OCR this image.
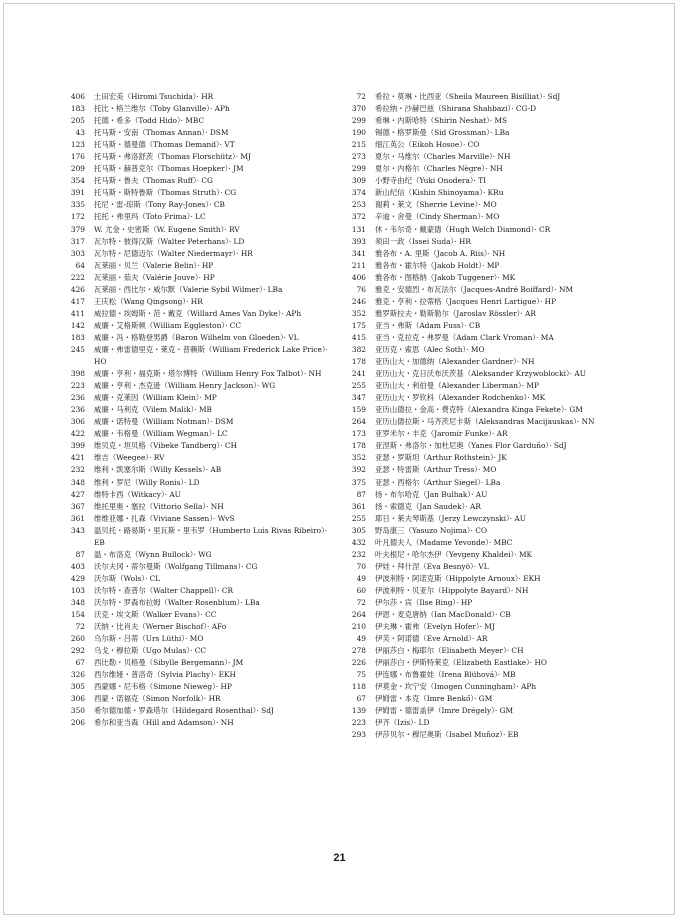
406	土田宏美（Hiromi Tsuchida）· HR
183	托比・格兰维尔（Toby Glanville）· APh
205	托德・希多（Todd Hido）· MBC
43	托马斯・安南（Thomas Annan）· DSM
123	托马斯・德曼德（Thomas Demand）· VT
176	托马斯・弗洛舒茨（Thomas Florschütz）· MJ
209	托马斯・赫普克尔（Thomas Hoepker）· JM
354	托马斯・鲁夫（Thomas Ruff）· CG
391	托马斯・斯特鲁斯（Thomas Struth）· CG
335	托尼・雷-琼斯（Tony Ray-Jones）· CB
172	托托・弗里玛（Toto Frima）· LC
379	W. 尤金・史密斯（W. Eugene Smith）· RV
317	瓦尔特・彼得汉斯（Walter Peterhans）· LD
303	瓦尔特・尼德迈尔（Walter Niedermayr）· HR
64	瓦莱丽・贝兰（Valerie Belin）· HP
222	瓦莱丽・茹夫（Valérie Jouve）· HP
426	瓦莱丽・西比尔・威尔默（Valerie Sybil Wilmer）· LBa
417	王庆松（Wang Qingsong）· HR
411	威拉德・埃姆斯・范・戴克（Willard Ames Van Dyke）· APh
142	威廉・艾格斯顿（William Eggleston）· CC
183	威廉・冯・格勒登男爵（Baron Wilhelm von Gloeden）· VL
245	威廉・弗雷德里克・莱克・普赖斯（William Frederick Lake Price）· HO
398	威廉・亨利・福克斯・塔尔博特（William Henry Fox Talbot）· NH
223	威廉・亨利・杰克逊（William Henry Jackson）· WG
236	威廉・克莱因（William Klein）· MP
236	威廉・马利克（Vilem Malik）· MB
306	威廉・诺特曼（William Notman）· DSM
422	威廉・韦格曼（William Wegman）· LC
399	维贝克・坦贝格（Vibeke Tandberg）· CH
421	维吉（Weegee）· RV
232	维利・凯塞尔斯（Willy Kessels）· AB
348	维利・罗尼（Willy Ronis）· LD
427	维特卡西（Witkacy）· AU
367	维托里奥・塞拉（Vittorio Sella）· NH
361	维维亚娜・扎森（Viviane Sassen）· WvS
343	温贝托・路易斯・里瓦斯・里韦罗（Humberto Luis Rivas Ribeiro）· EB
87	温・布洛克（Wynn Bullock）· WG
403	沃尔夫冈・蒂尔曼斯（Wolfgang Tillmans）· CG
429	沃尔斯（Wols）· CL
103	沃尔特・查普尔（Walter Chappell）· CR
348	沃尔特・罗森布拉姆（Walter Rosenblum）· LBa
154	沃克・埃文斯（Walker Evans）· CC
72	沃纳・比肖夫（Werner Bischof）· AFo
260	乌尔斯・吕蒂（Urs Lüthi）· MO
292	乌戈・穆拉斯（Ugo Mulas）· CC
67	西比勒・贝格曼（Sibylle Bergemann）· JM
326	西尔维娅・普洛奇（Sylvia Plachy）· EKH
305	西蒙娜・尼韦格（Simone Nieweg）· HP
306	西蒙・诺福克（Simon Norfolk）· HR
350	希尔德加德・罗森塔尔（Hildegard Rosenthal）· SdJ
206	希尔和亚当森（Hill and Adamson）· NH
72	希拉・莫琳・比西亚（Sheila Maureen Bisilliat）· SdJ
370	希拉纳・沙赫巴兹（Shirana Shahbazi）· CG-D
299	希琳・内斯哈特（Shirin Neshat）· MS
190	锡德・格罗斯曼（Sid Grossman）· LBa
215	细江英公（Eikoh Hosoe）· CO
273	夏尔・马维尔（Charles Marville）· NH
299	夏尔・内格尔（Charles Nègre）· NH
309	小野寺由纪（Yuki Onodera）· TI
374	新山纪信（Kishin Shinoyama）· KRu
253	谢莉・莱文（Sherrie Levine）· MO
372	辛迪・舍曼（Cindy Sherman）· MO
131	休・韦尔奇・戴蒙德（Hugh Welch Diamond）· CR
393	须田一政（Issei Suda）· HR
341	雅各布・A. 里斯（Jacob A. Riis）· NH
211	雅各布・霍尔特（Jakob Holdt）· MP
406	雅各布・图格纳（Jakob Tuggener）· MK
76	雅克・安德烈・布瓦法尔（Jacques-André Boiffard）· NM
246	雅克・亨利・拉蒂格（Jacques Henri Lartigue）· HP
352	雅罗斯拉夫・勒斯勒尔（Jaroslav Rössler）· AR
175	亚当・弗斯（Adam Fuss）· CB
415	亚当・克拉克・弗罗曼（Adam Clark Vroman）· MA
382	亚历克・索思（Alec Soth）· MO
178	亚历山大・加德纳（Alexander Gardner）· NH
241	亚历山大・克日沃布沃茨基（Aleksander Krzywoblocki）· AU
255	亚历山大・利伯曼（Alexander Liberman）· MP
347	亚历山大・罗钦科（Alexander Rodchenko）· MK
159	亚历山德拉・金高・费克特（Alexandra Kinga Fekete）· GM
264	亚历山德拉斯・马齐茨尼卡斯（Aleksandras Macijauskas）· NN
173	亚罗米尔・丰克（Jaromír Funke）· AR
178	亚涅斯・弗洛尔・加杜尼奥（Yanes Flor Garduño）· SdJ
352	亚瑟・罗斯坦（Arthur Rothstein）· JK
392	亚瑟・特雷斯（Arthur Tress）· MO
375	亚瑟・西格尔（Arthur Siegel）· LBa
87	扬・布尔哈克（Jan Bulhak）· AU
361	扬・索德克（Jan Saudek）· AR
255	耶日・莱夫琴斯基（Jerzy Lewczynski）· AU
305	野岛康三（Yasuzo Nojima）· CO
432	叶凡德夫人（Madame Yevonde）· MBC
232	叶夫根尼・哈尔杰伊（Yevgeny Khaldei）· MK
70	伊娃・拜什涅（Eva Besnyö）· VL
49	伊波利特・阿诺克斯（Hippolyte Arnoux）· EKH
60	伊波利特・贝亚尔（Hippolyte Bayard）· NH
72	伊尔莎・宾（Ilse Bing）· HP
264	伊恩・麦克唐纳（Ian MacDonald）· CB
210	伊夫琳・霍弗（Evelyn Hofer）· MJ
49	伊芙・阿诺德（Eve Arnold）· AR
278	伊丽莎白・梅耶尔（Elisabeth Meyer）· CH
226	伊丽莎白・伊斯特莱克（Elizabeth Eastlake）· HO
75	伊连娜・布鲁霍娃（Irena Blühová）· MB
118	伊莫金・坎宁安（Imogen Cunningham）· APh
67	伊姆雷・本克（Imre Benkő）· GM
139	伊姆雷・德雷盖伊（Imre Drégely）· GM
223	伊齐（Izis）· LD
293	伊莎贝尔・穆尼奥斯（Isabel Muñoz）· EB
21
